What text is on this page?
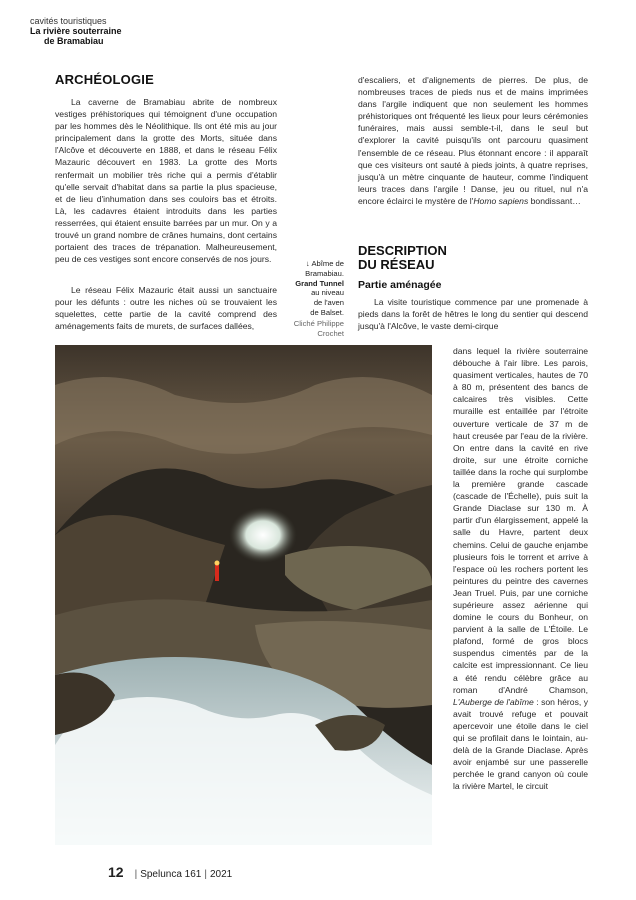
cavités touristiques
La rivière souterraine
de Bramabiau
ARCHÉOLOGIE

La caverne de Bramabiau abrite de nombreux vestiges préhistoriques qui témoignent d'une occupation par les hommes dès le Néolithique. Ils ont été mis au jour principalement dans la grotte des Morts, située dans l'Alcôve et découverte en 1888, et dans le réseau Félix Mazauric découvert en 1983. La grotte des Morts renfermait un mobilier très riche qui a permis d'établir qu'elle servait d'habitat dans sa partie la plus spacieuse, et de lieu d'inhumation dans ses couloirs bas et étroits. Là, les cadavres étaient introduits dans les parties resserrées, qui étaient ensuite barrées par un mur. On y a trouvé un grand nombre de crânes humains, dont certains portaient des traces de trépanation. Malheureusement, peu de ces vestiges sont encore conservés de nos jours.

Le réseau Félix Mazauric était aussi un sanctuaire pour les défunts : outre les niches où se trouvaient les squelettes, cette partie de la cavité comprend des aménagements faits de murets, de surfaces dallées,

↓ Abîme de
Bramabiau.
Grand Tunnel
au niveau
de l'aven
de Balset.
Cliché Philippe
Crochet

d'escaliers, et d'alignements de pierres. De plus, de nombreuses traces de pieds nus et de mains imprimées dans l'argile indiquent que non seulement les hommes préhistoriques ont fréquenté les lieux pour leurs cérémonies funéraires, mais aussi semble-t-il, dans le seul but d'explorer la cavité puisqu'ils ont parcouru quasiment l'ensemble de ce réseau. Plus étonnant encore : il apparaît que ces visiteurs ont sauté à pieds joints, à quatre reprises, jusqu'à un mètre cinquante de hauteur, comme l'indiquent leurs traces dans l'argile ! Danse, jeu ou rituel, nul n'a encore éclairci le mystère de l'Homo sapiens bondissant…

DESCRIPTION
DU RÉSEAU
Partie aménagée

La visite touristique commence par une promenade à pieds dans la forêt de hêtres le long du sentier qui descend jusqu'à l'Alcôve, le vaste demi-cirque

dans lequel la rivière souterraine débouche à l'air libre. Les parois, quasiment verticales, hautes de 70 à 80 m, présentent des bancs de calcaires très visibles. Cette muraille est entaillée par l'étroite ouverture verticale de 37 m de haut creusée par l'eau de la rivière. On entre dans la cavité en rive droite, sur une étroite corniche taillée dans la roche qui surplombe la première grande cascade (cascade de l'Échelle), puis suit la Grande Diaclase sur 130 m. À partir d'un élargissement, appelé la salle du Havre, partent deux chemins. Celui de gauche enjambe plusieurs fois le torrent et arrive à l'espace où les rochers portent les peintures du peintre des cavernes Jean Truel. Puis, par une corniche supérieure assez aérienne qui domine le cours du Bonheur, on parvient à la salle de L'Étoile. Le plafond, formé de gros blocs suspendus cimentés par de la calcite est impressionnant. Ce lieu a été rendu célèbre grâce au roman d'André Chamson, L'Auberge de l'abîme : son héros, y avait trouvé refuge et pouvait apercevoir une étoile dans le ciel qui se profilait dans le lointain, au-delà de la Grande Diaclase. Après avoir enjambé sur une passerelle perchée le grand canyon où coule la rivière Martel, le circuit

12 | Spelunca 161 | 2021
